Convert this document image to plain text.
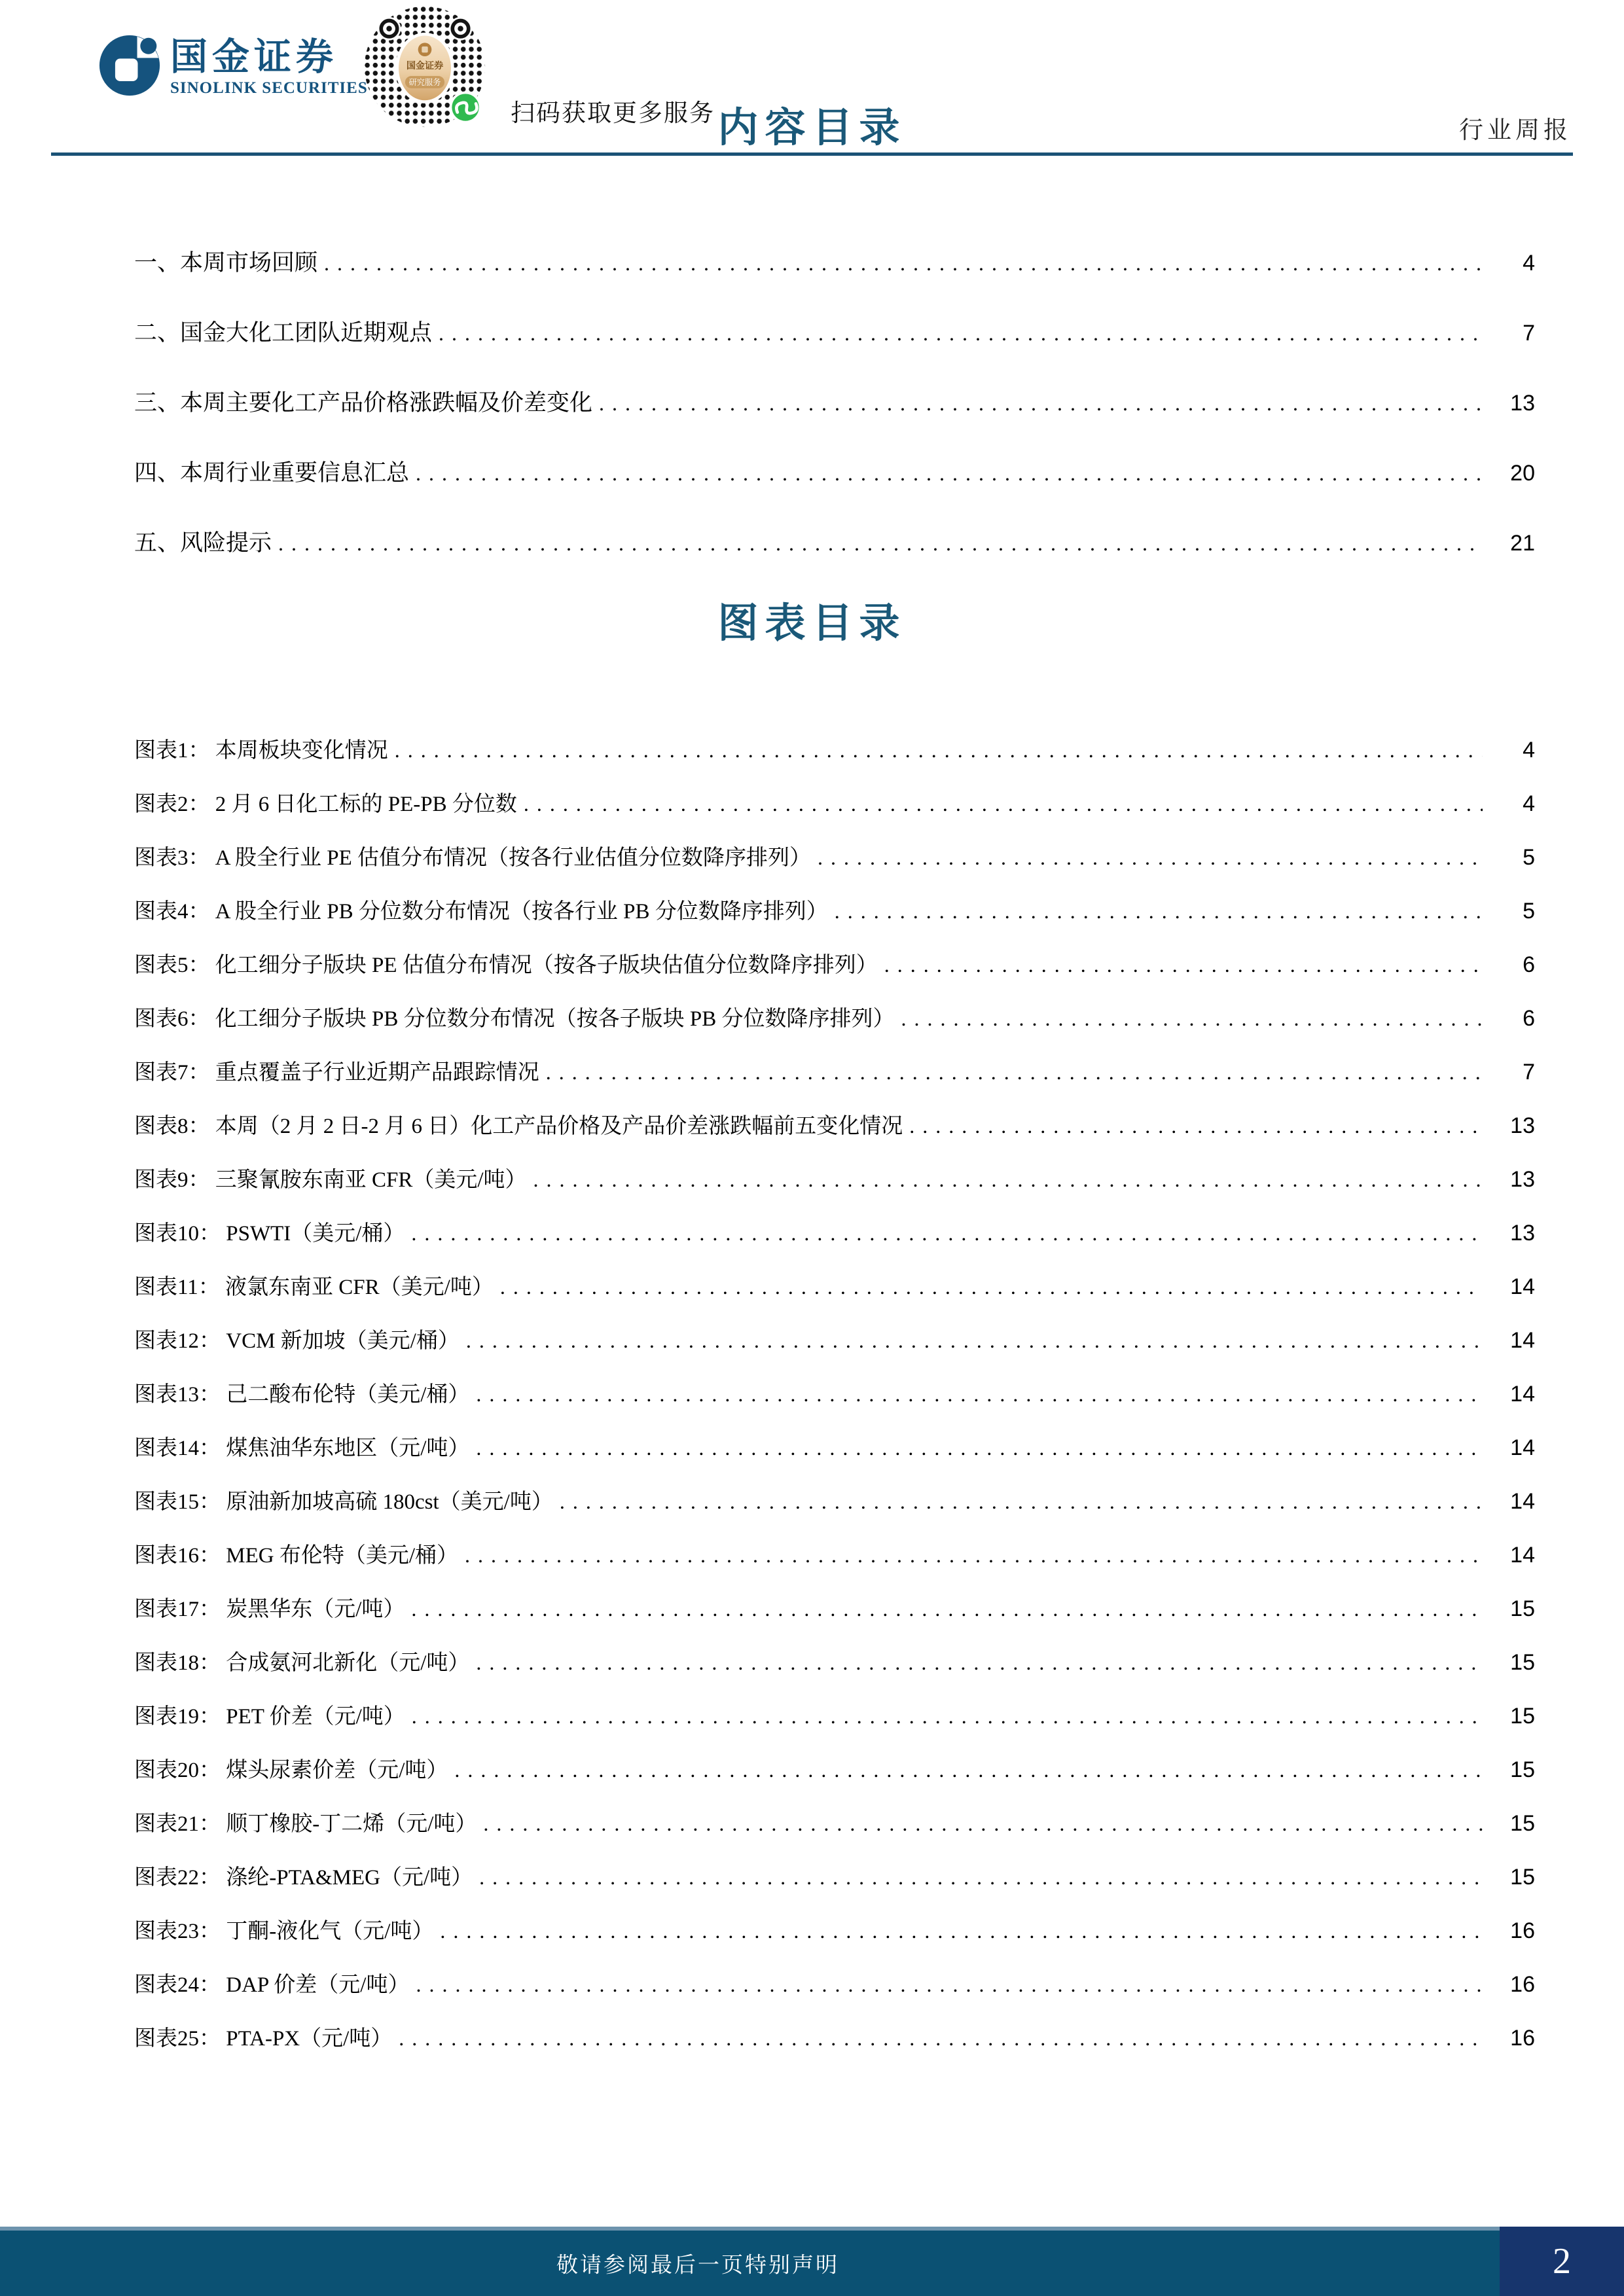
国金证券
SINOLINK SECURITIES
国金证券
研究服务
扫码获取更多服务
行业周报
内容目录
一、本周市场回顾 . . .	4
二、国金大化工团队近期观点 . . .	7
三、本周主要化工产品价格涨跌幅及价差变化 . . .	13
四、本周行业重要信息汇总 . . .	20
五、风险提示 . . .	21
图表目录
图表1： 本周板块变化情况 . . .	4
图表2： 2 月 6 日化工标的 PE-PB 分位数 . . .	4
图表3： A 股全行业 PE 估值分布情况（按各行业估值分位数降序排列） . . .	5
图表4： A 股全行业 PB 分位数分布情况（按各行业 PB 分位数降序排列） . . .	5
图表5： 化工细分子版块 PE 估值分布情况（按各子版块估值分位数降序排列） . . .	6
图表6： 化工细分子版块 PB 分位数分布情况（按各子版块 PB 分位数降序排列） . . .	6
图表7： 重点覆盖子行业近期产品跟踪情况 . . .	7
图表8： 本周（2 月 2 日-2 月 6 日）化工产品价格及产品价差涨跌幅前五变化情况 . . .	13
图表9： 三聚氰胺东南亚 CFR（美元/吨） . . .	13
图表10： PSWTI（美元/桶） . . .	13
图表11： 液氯东南亚 CFR（美元/吨） . . .	14
图表12： VCM 新加坡（美元/桶） . . .	14
图表13： 己二酸布伦特（美元/桶） . . .	14
图表14： 煤焦油华东地区（元/吨） . . .	14
图表15： 原油新加坡高硫 180cst（美元/吨） . . .	14
图表16： MEG 布伦特（美元/桶） . . .	14
图表17： 炭黑华东（元/吨） . . .	15
图表18： 合成氨河北新化（元/吨） . . .	15
图表19： PET 价差（元/吨） . . .	15
图表20： 煤头尿素价差（元/吨） . . .	15
图表21： 顺丁橡胶-丁二烯（元/吨） . . .	15
图表22： 涤纶-PTA&MEG（元/吨） . . .	15
图表23： 丁酮-液化气（元/吨） . . .	16
图表24： DAP 价差（元/吨） . . .	16
图表25： PTA-PX（元/吨） . . .	16
敬请参阅最后一页特别声明	2
